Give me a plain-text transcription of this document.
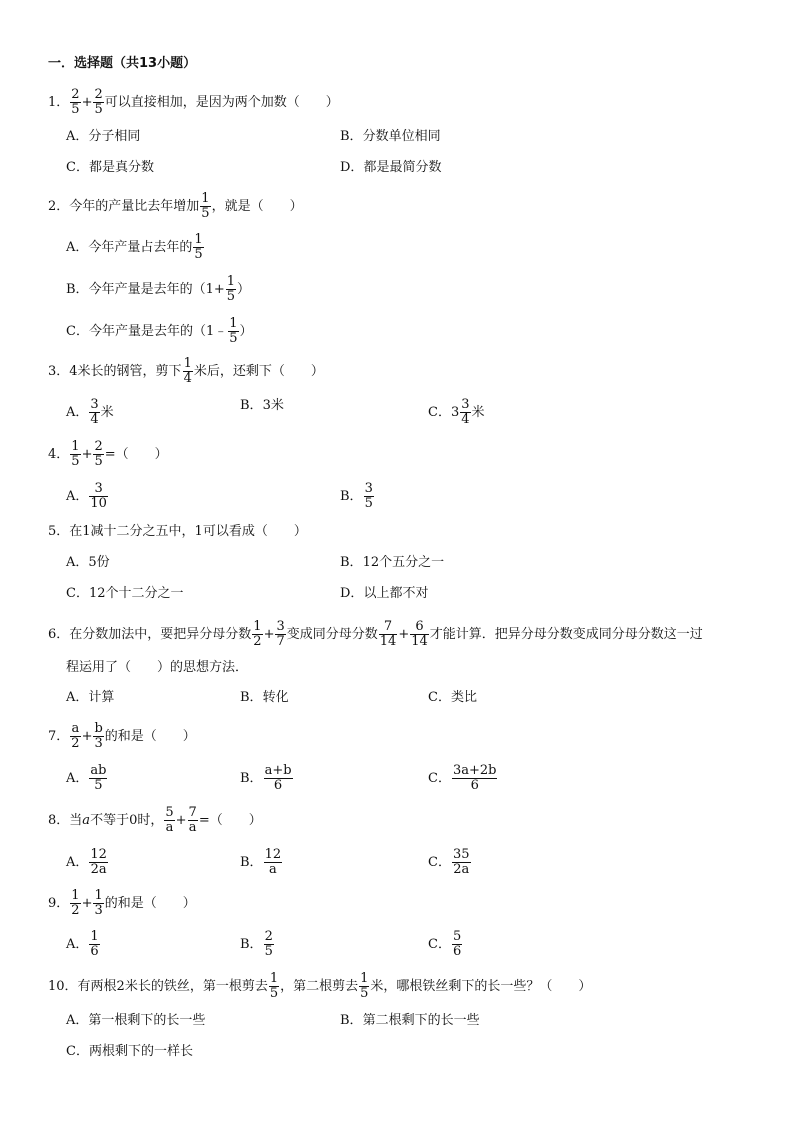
一．选择题（共13小题）
1． 2
$5 + \frac{2}{5}$ 可以直接相加，是因为两个加数（　　）
A．分子相同	B．分数单位相同
C．都是真分数	D．都是最简分数
2． 今年的产量比去年增加 1
5 ，就是（　　）
A． 今年产量占去年的 1
5
B． 今年产量是去年的（$1+ \frac{1}{5}$ ）
C． 今年产量是去年的（1﹣ 1
5 ）
3． 4米长的钢管，剪下 1
4 米后，还剩下（　　）
A． 3
4 米	B． 3米	C． 3 3
4 米
4． 1
$5 + \frac{2}{5}$ =（　　）
A． 3
10	B． 3
5
5．在1减十二分之五中，1可以看成（　　）
A．5份	B．12个五分之一
C．12个十二分之一	D．以上都不对
6． 在分数加法中，要把异分母分数 1
$2 + \frac{3}{7}$ 变成同分母分数 7
$14 + \frac{6}{14}$ 才能计算．把异分母分数变成同分母分数这一过
程运用了（　　）的思想方法．
A．计算	B．转化	C．类比
7． a
$2 + \frac{b}{3}$ 的和是（　　）
A． ab
5	B． a+b
6	C． 3a+2b
6
8． 当 a 不等于0时， 5
$a + \frac{7}{a}$ =（　　）
A． 12
2a	B． 12
a	C． 35
2a
9． 1
$2 + \frac{1}{3}$ 的和是（　　）
A． 1
6	B． 2
5	C． 5
6
10． 有两根2米长的铁丝，第一根剪去 1
5 ，第二根剪去 1
5 米，哪根铁丝剩下的长一些？（　　）
A．第一根剩下的长一些	B．第二根剩下的长一些
C．两根剩下的一样长
